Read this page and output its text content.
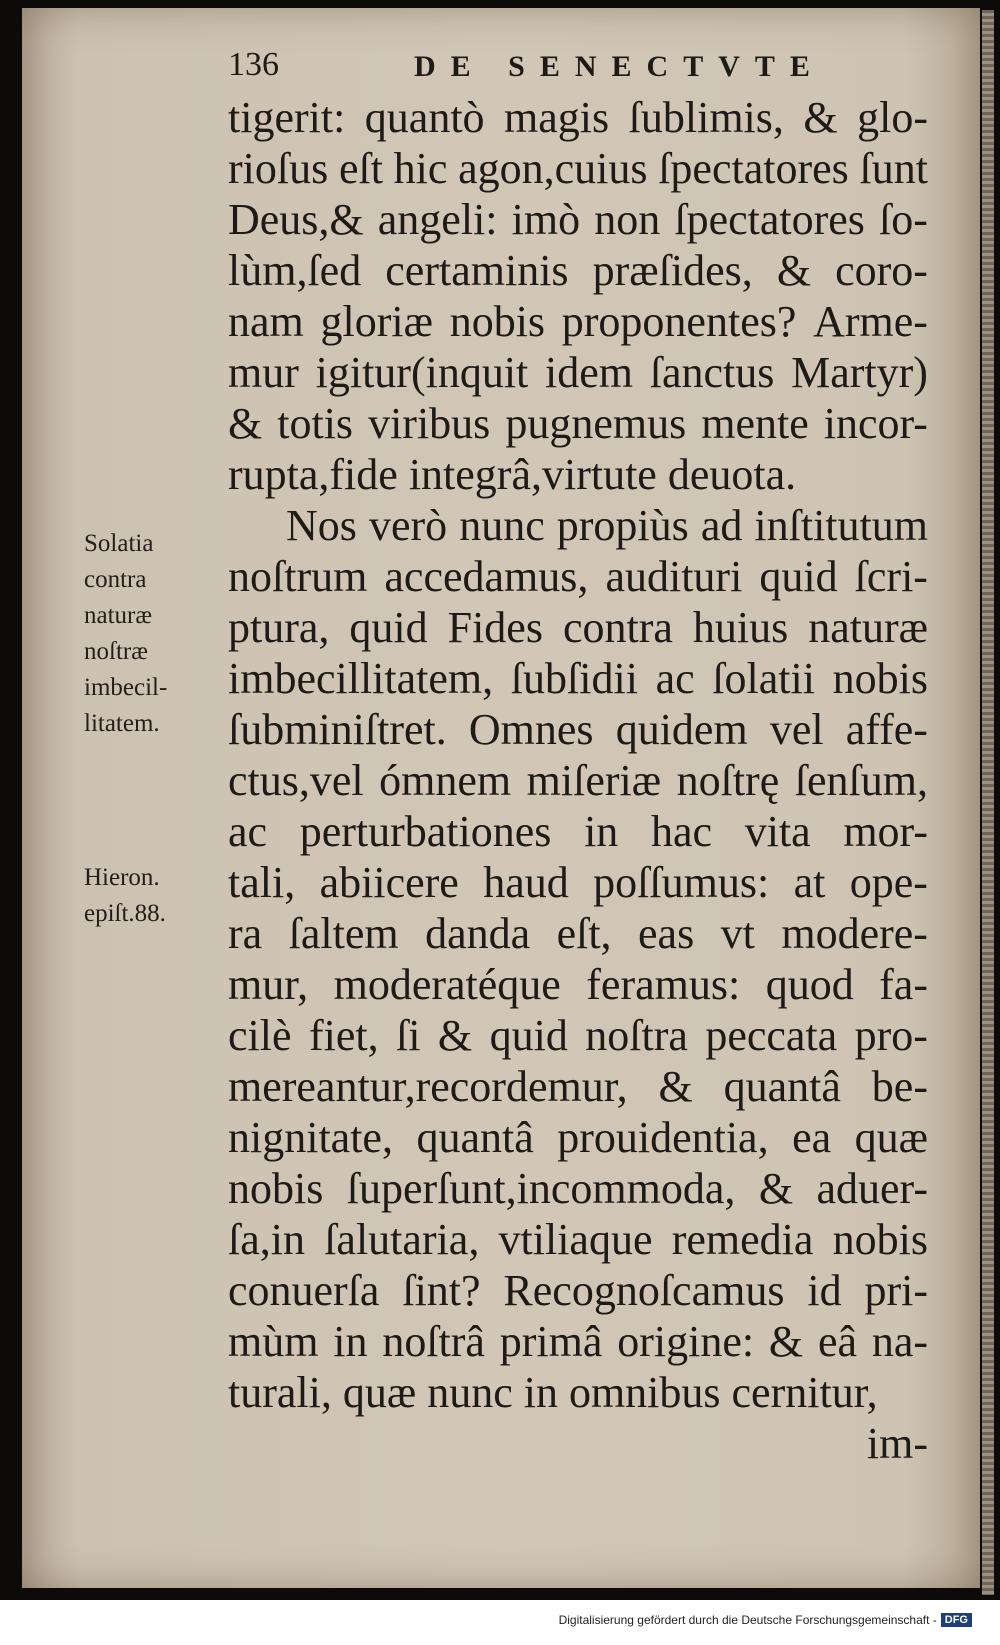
136	DE SENECTVTE
tigerit: quantò magis ſublimis, & glo-
rioſus eſt hic agon,cuius ſpectatores ſunt
Deus,& angeli: imò non ſpectatores ſo-
lùm,ſed certaminis præſides, & coro-
nam gloriæ nobis proponentes? Arme-
mur igitur(inquit idem ſanctus Martyr)
& totis viribus pugnemus mente incor-
rupta,fide integrâ,virtute deuota.
Nos verò nunc propiùs ad inſtitutum
noſtrum accedamus, audituri quid ſcri-
ptura, quid Fides contra huius naturæ
imbecillitatem, ſubſidii ac ſolatii nobis
ſubminiſtret. Omnes quidem vel affe-
ctus,vel ómnem miſeriæ noſtrę ſenſum,
ac perturbationes in hac vita mor-
tali, abiicere haud poſſumus: at ope-
ra ſaltem danda eſt, eas vt modere-
mur, moderatéque feramus: quod fa-
cilè fiet, ſi & quid noſtra peccata pro-
mereantur,recordemur, & quantâ be-
nignitate, quantâ prouidentia, ea quæ
nobis ſuperſunt,incommoda, & aduer-
ſa,in ſalutaria, vtiliaque remedia nobis
conuerſa ſint? Recognoſcamus id pri-
mùm in noſtrâ primâ origine: & eâ na-
turali, quæ nunc in omnibus cernitur,
im-
Solatia
contra
naturæ
noſtræ
imbecil-
litatem.
Hieron.
epiſt.88.
Digitalisierung gefördert durch die Deutsche Forschungsgemeinschaft - DFG
